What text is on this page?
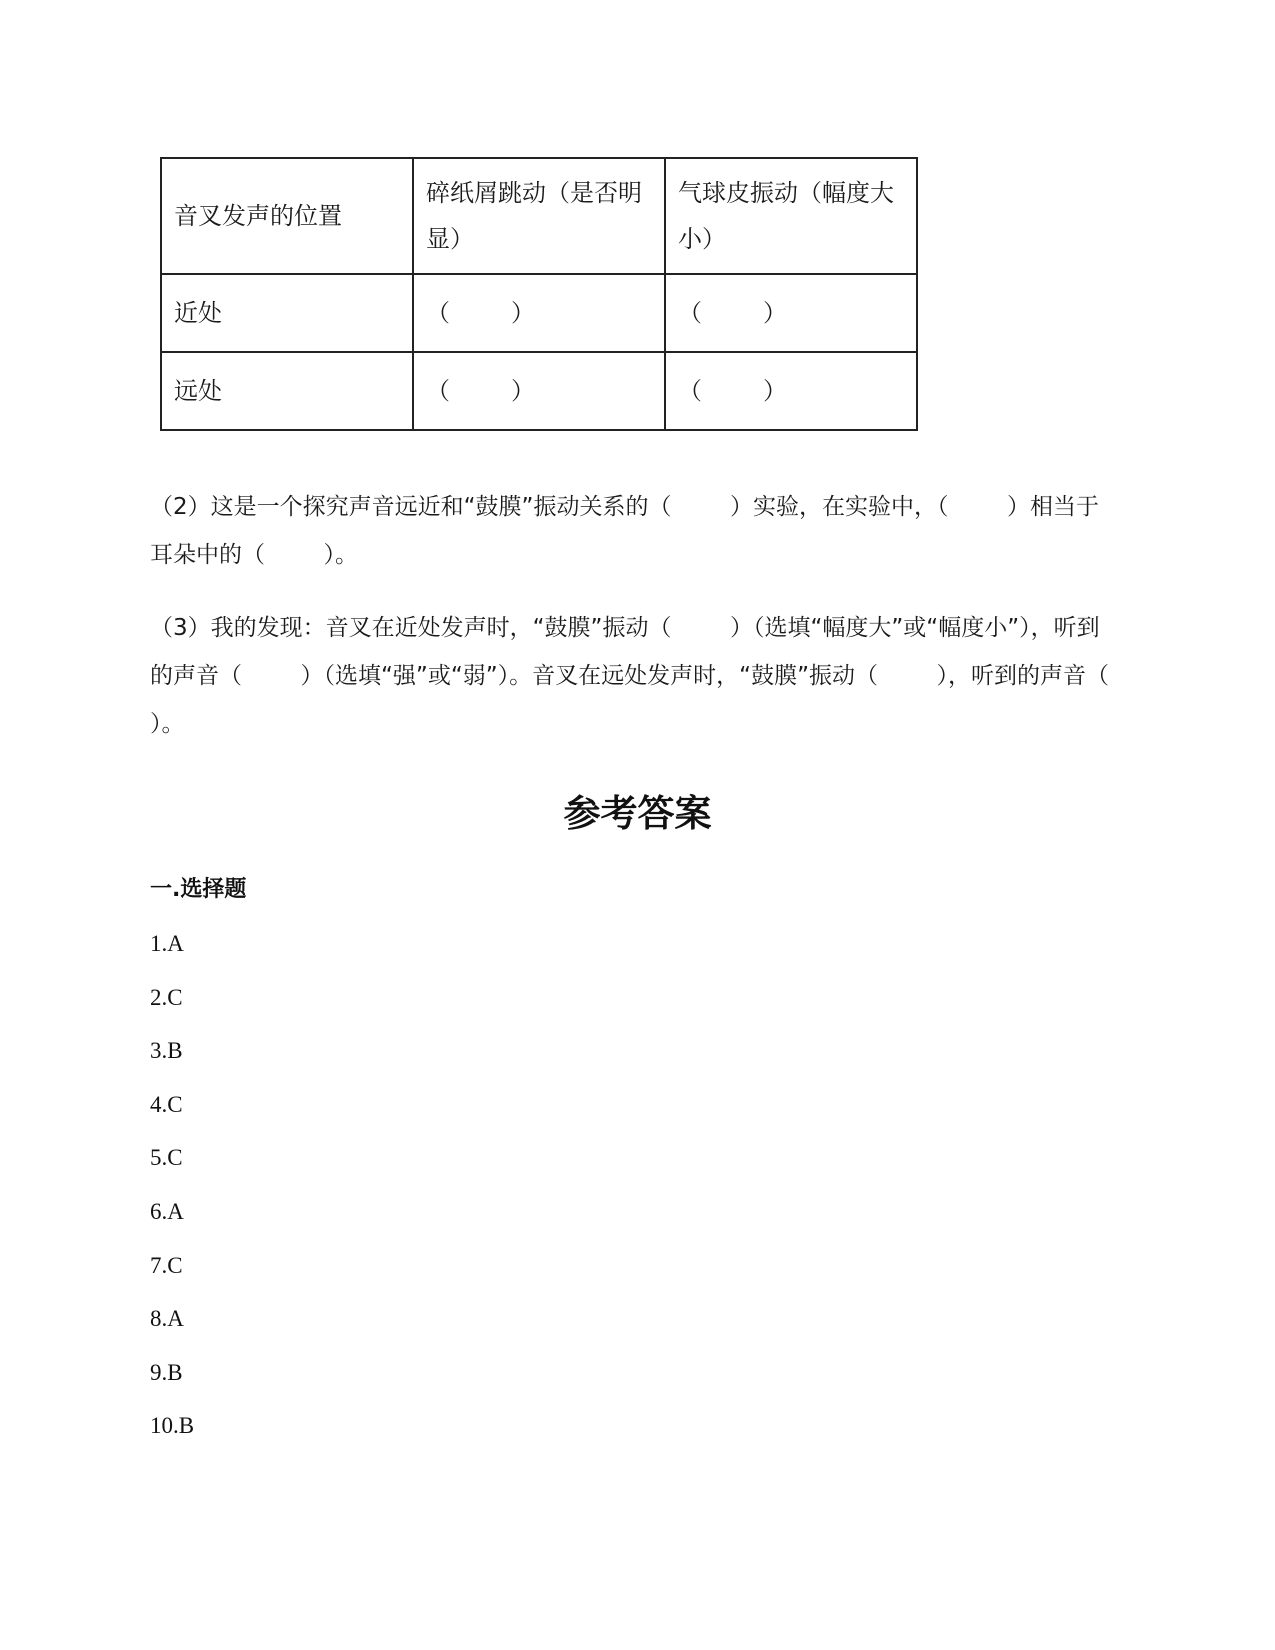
音叉发声的位置	碎纸屑跳动（是否明显）	气球皮振动（幅度大小）
近处	（        ）	（        ）
远处	（        ）	（        ）
（2）这是一个探究声音远近和“鼓膜”振动关系的（        ）实验，在实验中，（        ）相当于耳朵中的（        ）。
（3）我的发现：音叉在近处发声时，“鼓膜”振动（        ）（选填“幅度大”或“幅度小”），听到的声音（        ）（选填“强”或“弱”）。音叉在远处发声时，“鼓膜”振动（        ），听到的声音（        ）。
参考答案
一.选择题
1.A
2.C
3.B
4.C
5.C
6.A
7.C
8.A
9.B
10.B
